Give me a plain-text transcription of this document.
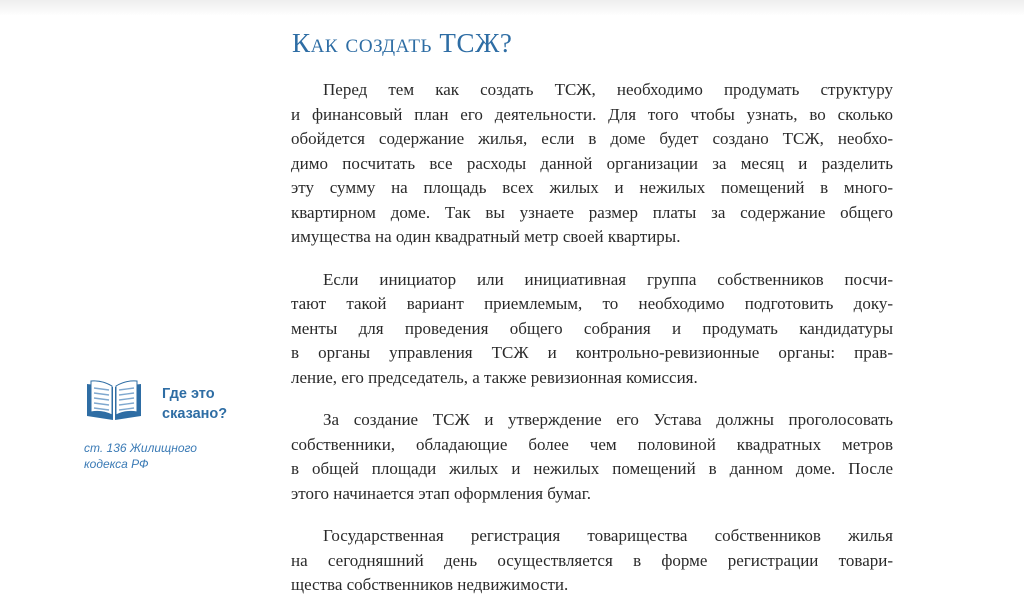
Как создать ТСЖ?
Перед тем как создать ТСЖ, необходимо продумать структуру
и финансовый план его деятельности. Для того чтобы узнать, во сколько
обойдется содержание жилья, если в доме будет создано ТСЖ, необхо-
димо посчитать все расходы данной организации за месяц и разделить
эту сумму на площадь всех жилых и нежилых помещений в много-
квартирном доме. Так вы узнаете размер платы за содержание общего
имущества на один квадратный метр своей квартиры.
Если инициатор или инициативная группа собственников посчи-
тают такой вариант приемлемым, то необходимо подготовить доку-
менты для проведения общего собрания и продумать кандидатуры
в органы управления ТСЖ и контрольно-ревизионные органы: прав-
ление, его председатель, а также ревизионная комиссия.
За создание ТСЖ и утверждение его Устава должны проголосовать
собственники, обладающие более чем половиной квадратных метров
в общей площади жилых и нежилых помещений в данном доме. После
этого начинается этап оформления бумаг.
Государственная регистрация товарищества собственников жилья
на сегодняшний день осуществляется в форме регистрации товари-
щества собственников недвижимости.
Где это
сказано?
ст. 136 Жилищного
кодекса РФ
